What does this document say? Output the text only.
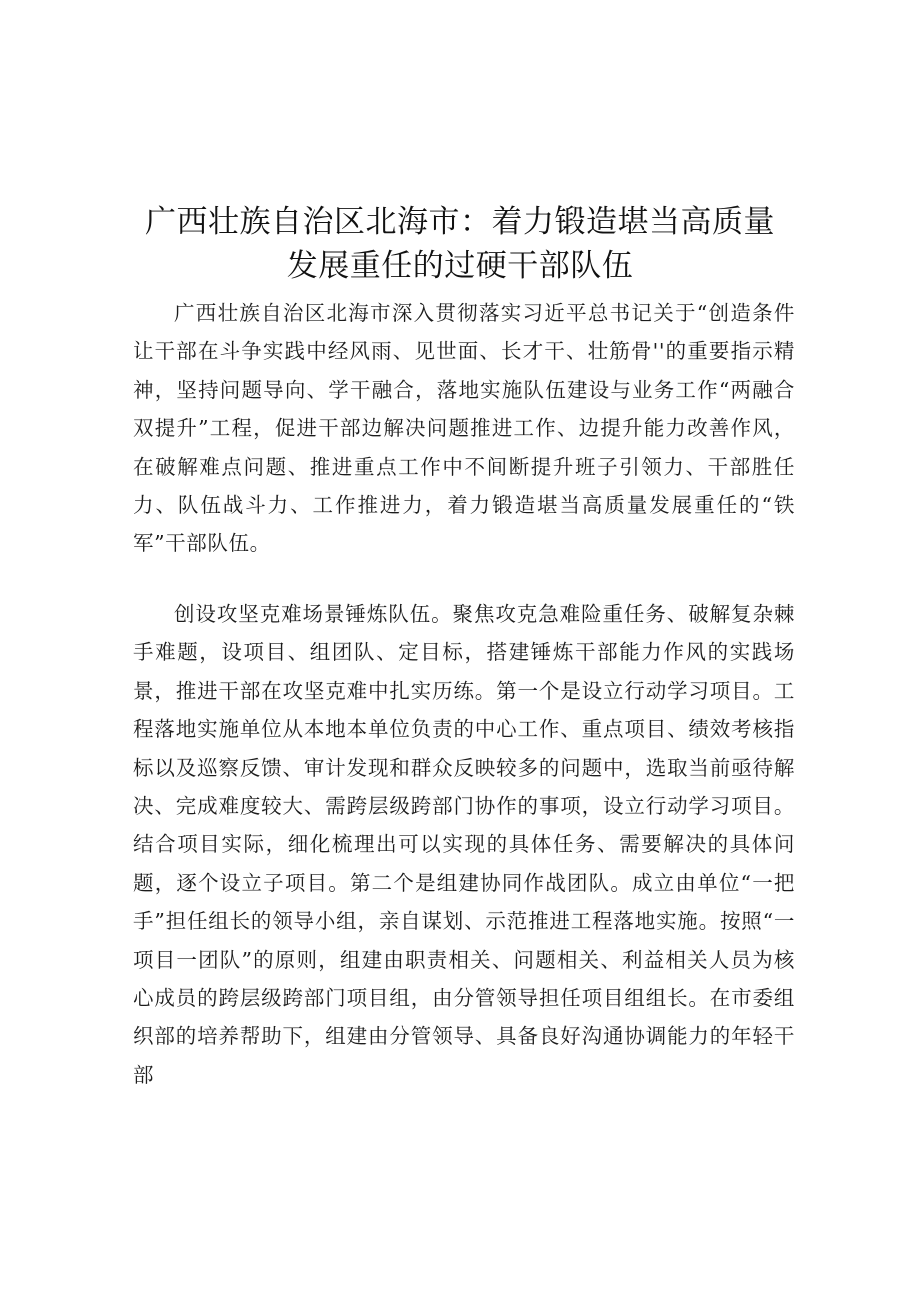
广西壮族自治区北海市：着力锻造堪当高质量
发展重任的过硬干部队伍

广西壮族自治区北海市深入贯彻落实习近平总书记关于“创造条件让干部在斗争实践中经风雨、见世面、长才干、壮筋骨''的重要指示精神，坚持问题导向、学干融合，落地实施队伍建设与业务工作“两融合双提升”工程，促进干部边解决问题推进工作、边提升能力改善作风，在破解难点问题、推进重点工作中不间断提升班子引领力、干部胜任力、队伍战斗力、工作推进力，着力锻造堪当高质量发展重任的“铁军”干部队伍。

创设攻坚克难场景锤炼队伍。聚焦攻克急难险重任务、破解复杂棘手难题，设项目、组团队、定目标，搭建锤炼干部能力作风的实践场景，推进干部在攻坚克难中扎实历练。第一个是设立行动学习项目。工程落地实施单位从本地本单位负责的中心工作、重点项目、绩效考核指标以及巡察反馈、审计发现和群众反映较多的问题中，选取当前亟待解决、完成难度较大、需跨层级跨部门协作的事项，设立行动学习项目。结合项目实际，细化梳理出可以实现的具体任务、需要解决的具体问题，逐个设立子项目。第二个是组建协同作战团队。成立由单位“一把手”担任组长的领导小组，亲自谋划、示范推进工程落地实施。按照“一项目一团队”的原则，组建由职责相关、问题相关、利益相关人员为核心成员的跨层级跨部门项目组，由分管领导担任项目组组长。在市委组织部的培养帮助下，组建由分管领导、具备良好沟通协调能力的年轻干部
